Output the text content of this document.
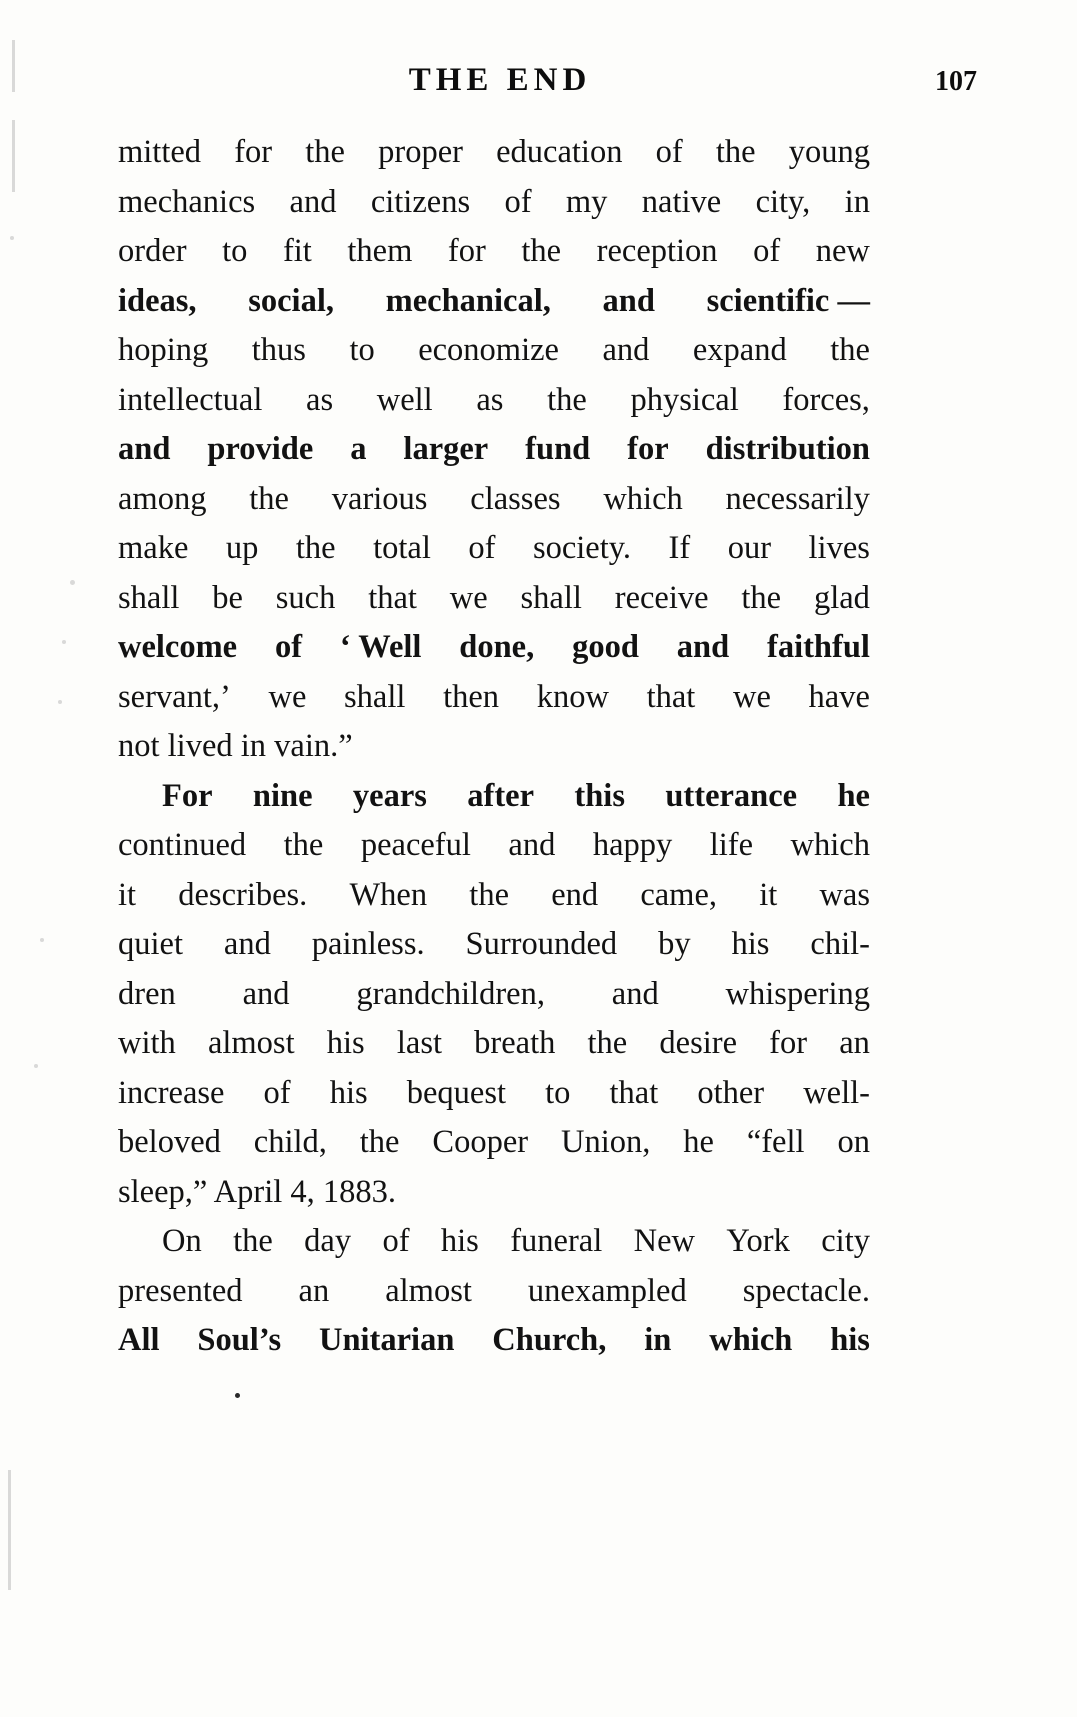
THE END	107
mitted for the proper education of the young
mechanics and citizens of my native city, in
order to fit them for the reception of new
ideas, social, mechanical, and scientific —
hoping thus to economize and expand the
intellectual as well as the physical forces,
and provide a larger fund for distribution
among the various classes which necessarily
make up the total of society. If our lives
shall be such that we shall receive the glad
welcome of ‘ Well done, good and faithful
servant,’ we shall then know that we have
not lived in vain.”
For nine years after this utterance he
continued the peaceful and happy life which
it describes. When the end came, it was
quiet and painless. Surrounded by his chil-
dren and grandchildren, and whispering
with almost his last breath the desire for an
increase of his bequest to that other well-
beloved child, the Cooper Union, he “fell on
sleep,” April 4, 1883.
On the day of his funeral New York city
presented an almost unexampled spectacle.
All Soul’s Unitarian Church, in which his
